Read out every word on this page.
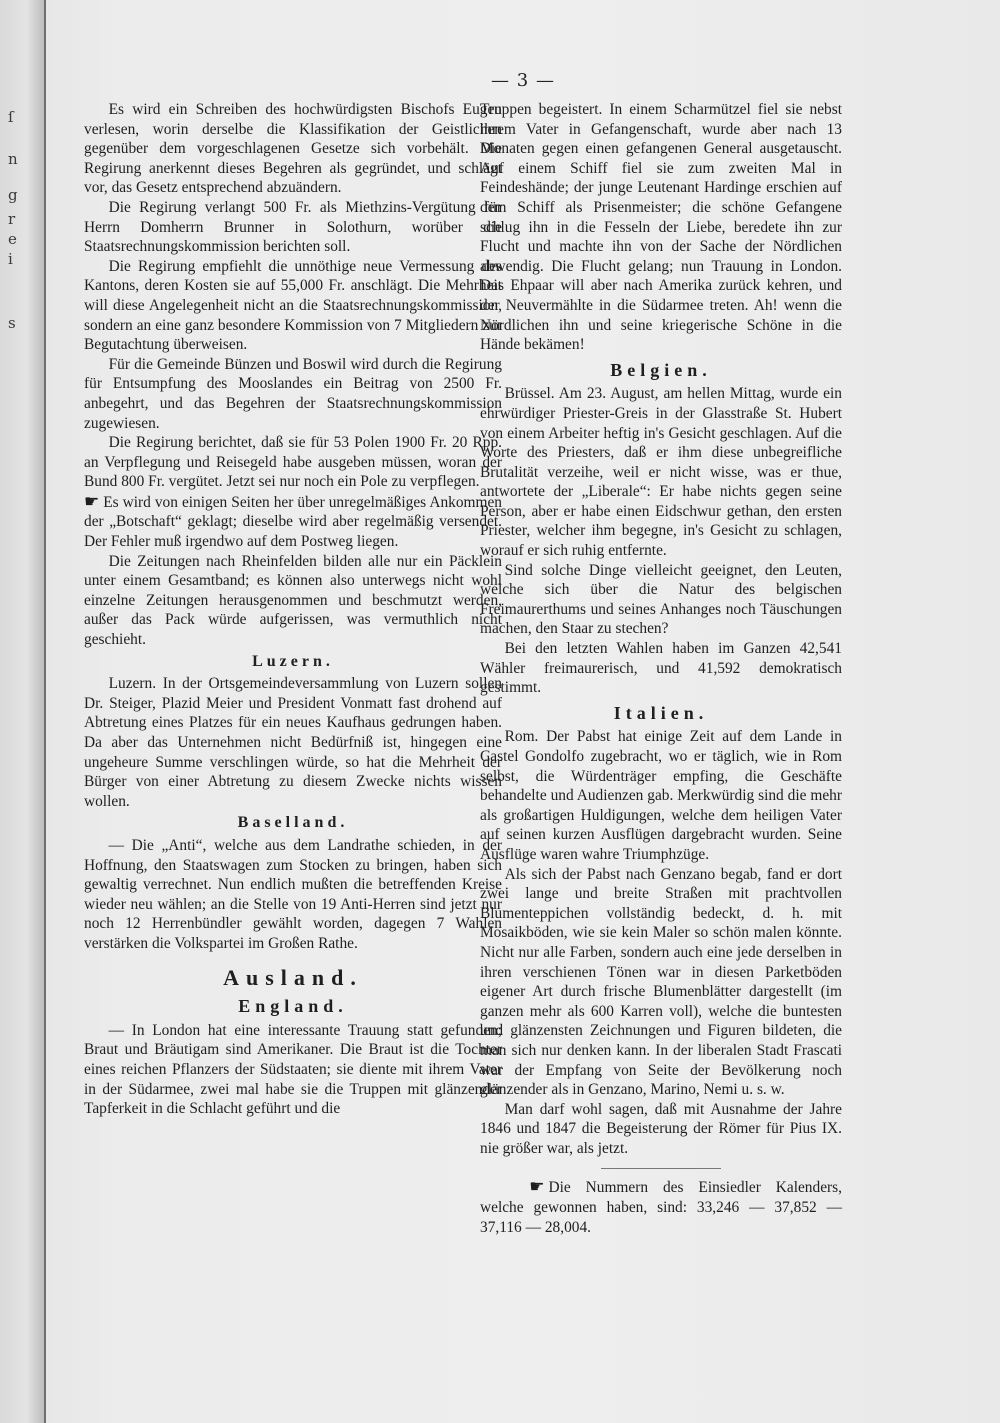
ſ
n
g
r
e
i
s
— 3 —

Es wird ein Schreiben des hochwürdigsten Bischofs Eugen verlesen, worin derselbe die Klassifikation der Geistlichen gegenüber dem vorgeschlagenen Gesetze sich vorbehält. Die Regirung anerkennt dieses Begehren als gegründet, und schlägt vor, das Gesetz entsprechend abzuändern.

Die Regirung verlangt 500 Fr. als Miethzins-Vergütung für Herrn Domherrn Brunner in Solothurn, worüber die Staatsrechnungskommission berichten soll.

Die Regirung empfiehlt die unnöthige neue Vermessung des Kantons, deren Kosten sie auf 55,000 Fr. anschlägt. Die Mehrheit will diese Angelegenheit nicht an die Staatsrechnungskommission, sondern an eine ganz besondere Kommission von 7 Mitgliedern zur Begutachtung überweisen.

Für die Gemeinde Bünzen und Boswil wird durch die Regirung für Entsumpfung des Mooslandes ein Beitrag von 2500 Fr. anbegehrt, und das Begehren der Staatsrechnungskommission zugewiesen.

Die Regirung berichtet, daß sie für 53 Polen 1900 Fr. 20 Rpp. an Verpflegung und Reisegeld habe ausgeben müssen, woran der Bund 800 Fr. vergütet. Jetzt sei nur noch ein Pole zu verpflegen.

☛ Es wird von einigen Seiten her über unregelmäßiges Ankommen der „Botschaft“ geklagt; dieselbe wird aber regelmäßig versendet. Der Fehler muß irgendwo auf dem Postweg liegen.

Die Zeitungen nach Rheinfelden bilden alle nur ein Päcklein unter einem Gesamtband; es können also unterwegs nicht wohl einzelne Zeitungen herausgenommen und beschmutzt werden, außer das Pack würde aufgerissen, was vermuthlich nicht geschieht.

Luzern.

Luzern. In der Ortsgemeindeversammlung von Luzern sollen Dr. Steiger, Plazid Meier und President Vonmatt fast drohend auf Abtretung eines Platzes für ein neues Kaufhaus gedrungen haben. Da aber das Unternehmen nicht Bedürfniß ist, hingegen eine ungeheure Summe verschlingen würde, so hat die Mehrheit der Bürger von einer Abtretung zu diesem Zwecke nichts wissen wollen.

Baselland.

— Die „Anti“, welche aus dem Landrathe schieden, in der Hoffnung, den Staatswagen zum Stocken zu bringen, haben sich gewaltig verrechnet. Nun endlich mußten die betreffenden Kreise wieder neu wählen; an die Stelle von 19 Anti-Herren sind jetzt nur noch 12 Herrenbündler gewählt worden, dagegen 7 Wahlen verstärken die Volkspartei im Großen Rathe.

Ausland.
England.

— In London hat eine interessante Trauung statt gefunden; Braut und Bräutigam sind Amerikaner. Die Braut ist die Tochter eines reichen Pflanzers der Südstaaten; sie diente mit ihrem Vater in der Südarmee, zwei mal habe sie die Truppen mit glänzender Tapferkeit in die Schlacht geführt und die

Truppen begeistert. In einem Scharmützel fiel sie nebst ihrem Vater in Gefangenschaft, wurde aber nach 13 Monaten gegen einen gefangenen General ausgetauscht. Auf einem Schiff fiel sie zum zweiten Mal in Feindeshände; der junge Leutenant Hardinge erschien auf dem Schiff als Prisenmeister; die schöne Gefangene schlug ihn in die Fesseln der Liebe, beredete ihn zur Flucht und machte ihn von der Sache der Nördlichen abwendig. Die Flucht gelang; nun Trauung in London. Das Ehpaar will aber nach Amerika zurück kehren, und der Neuvermählte in die Südarmee treten. Ah! wenn die Nördlichen ihn und seine kriegerische Schöne in die Hände bekämen!

Belgien.

Brüssel. Am 23. August, am hellen Mittag, wurde ein ehrwürdiger Priester-Greis in der Glasstraße St. Hubert von einem Arbeiter heftig in's Gesicht geschlagen. Auf die Worte des Priesters, daß er ihm diese unbegreifliche Brutalität verzeihe, weil er nicht wisse, was er thue, antwortete der „Liberale“: Er habe nichts gegen seine Person, aber er habe einen Eidschwur gethan, den ersten Priester, welcher ihm begegne, in's Gesicht zu schlagen, worauf er sich ruhig entfernte.

Sind solche Dinge vielleicht geeignet, den Leuten, welche sich über die Natur des belgischen Freimaurerthums und seines Anhanges noch Täuschungen machen, den Staar zu stechen?

Bei den letzten Wahlen haben im Ganzen 42,541 Wähler freimaurerisch, und 41,592 demokratisch gestimmt.

Italien.

Rom. Der Pabst hat einige Zeit auf dem Lande in Castel Gondolfo zugebracht, wo er täglich, wie in Rom selbst, die Würdenträger empfing, die Geschäfte behandelte und Audienzen gab. Merkwürdig sind die mehr als großartigen Huldigungen, welche dem heiligen Vater auf seinen kurzen Ausflügen dargebracht wurden. Seine Ausflüge waren wahre Triumphzüge.

Als sich der Pabst nach Genzano begab, fand er dort zwei lange und breite Straßen mit prachtvollen Blumenteppichen vollständig bedeckt, d. h. mit Mosaikböden, wie sie kein Maler so schön malen könnte. Nicht nur alle Farben, sondern auch eine jede derselben in ihren verschienen Tönen war in diesen Parketböden eigener Art durch frische Blumenblätter dargestellt (im ganzen mehr als 600 Karren voll), welche die buntesten und glänzensten Zeichnungen und Figuren bildeten, die man sich nur denken kann. In der liberalen Stadt Frascati war der Empfang von Seite der Bevölkerung noch glänzender als in Genzano, Marino, Nemi u. s. w.

Man darf wohl sagen, daß mit Ausnahme der Jahre 1846 und 1847 die Begeisterung der Römer für Pius IX. nie größer war, als jetzt.

☛ Die Nummern des Einsiedler Kalenders, welche gewonnen haben, sind: 33,246 — 37,852 — 37,116 — 28,004.
